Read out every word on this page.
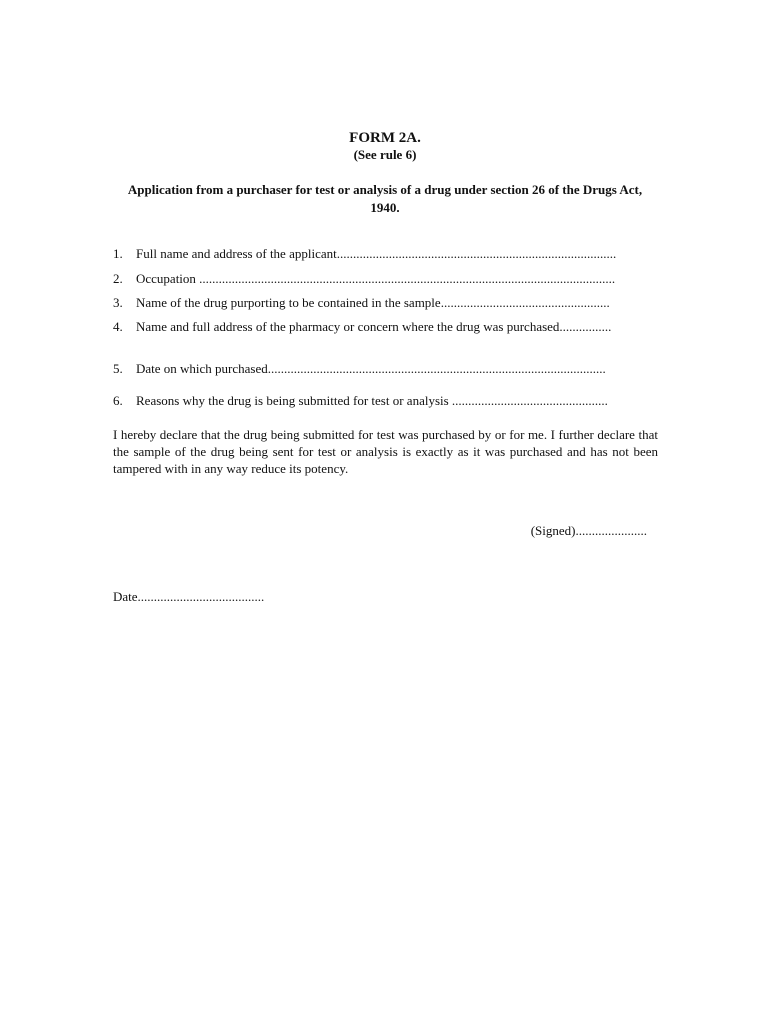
FORM 2A.
(See rule 6)
Application from a purchaser for test or analysis of a drug under section 26 of the Drugs Act, 1940.
1. Full name and address of the applicant......................................................................................
2. Occupation ................................................................................................................................
3. Name of the drug purporting to be contained in the sample....................................................
4. Name and full address of the pharmacy or concern where the drug was purchased................
5. Date on which purchased........................................................................................................
6. Reasons why the drug is being submitted for test or analysis ................................................
I hereby declare that the drug being submitted for test was purchased by or for me. I further declare that the sample of the drug being sent for test or analysis is exactly as it was purchased and has not been tampered with in any way reduce its potency.
(Signed)......................
Date.......................................
